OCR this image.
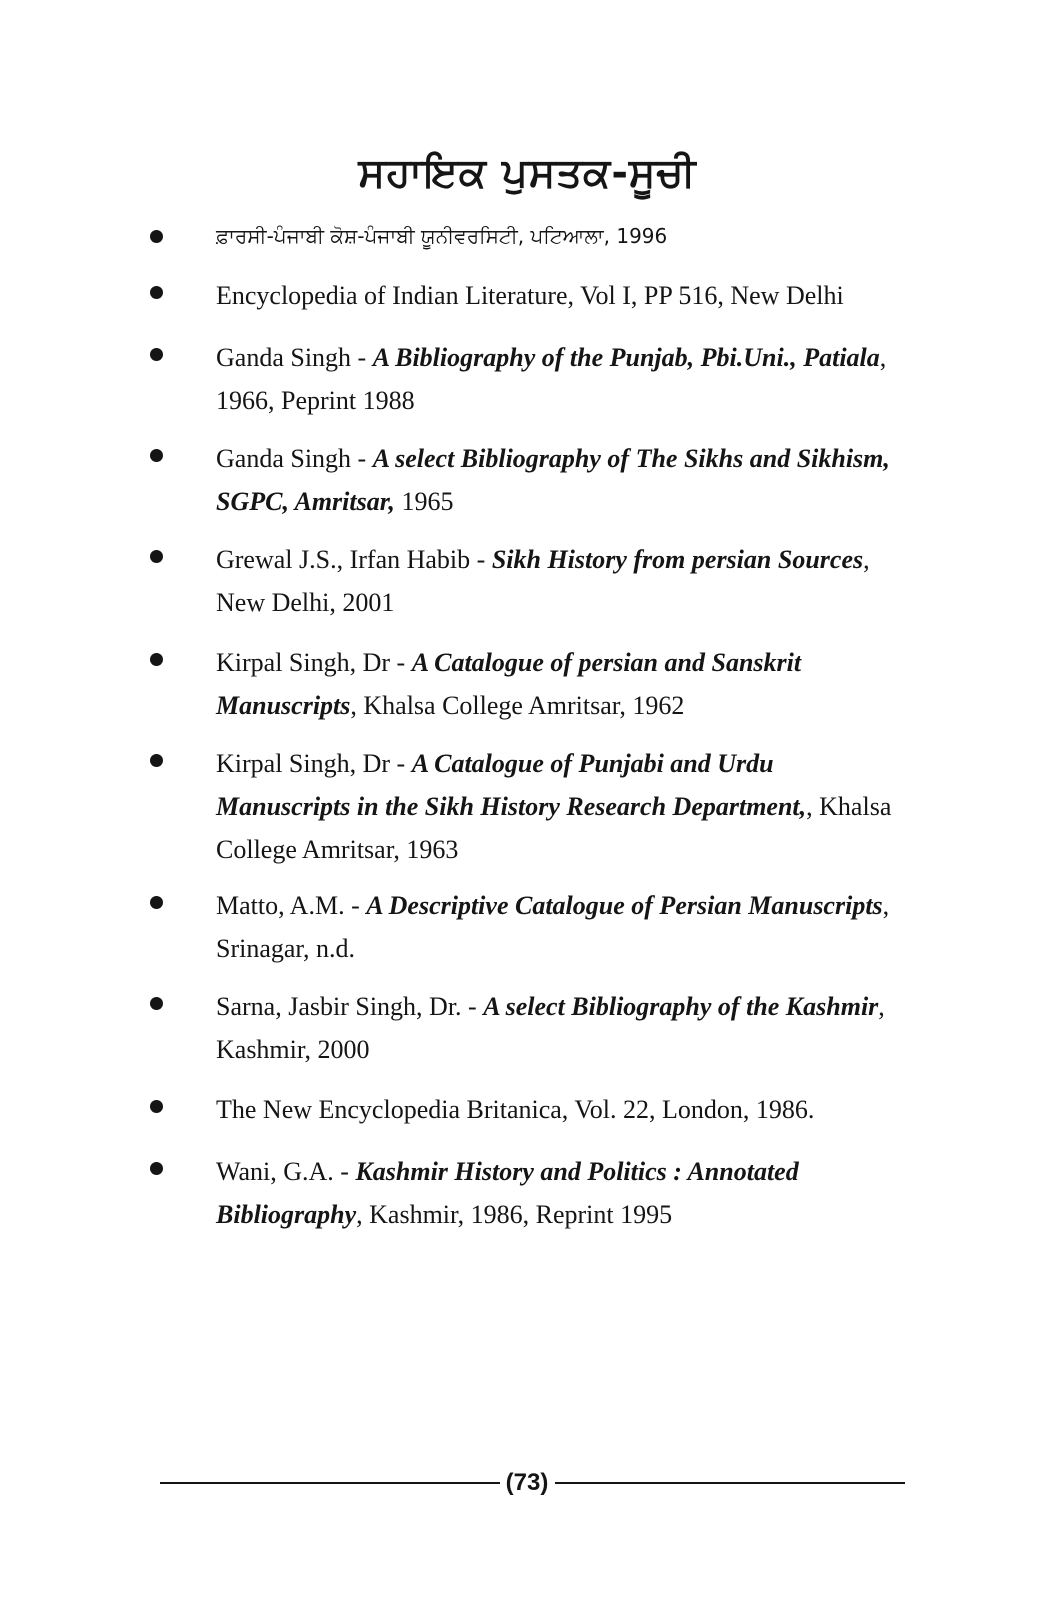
ਸਹਾਇਕ ਪੁਸਤਕ-ਸੂਚੀ
ਫ਼ਾਰਸੀ-ਪੰਜਾਬੀ ਕੋਸ਼-ਪੰਜਾਬੀ ਯੂਨੀਵਰਸਿਟੀ, ਪਟਿਆਲਾ, 1996
Encyclopedia of Indian Literature, Vol I, PP 516, New Delhi
Ganda Singh - A Bibliography of the Punjab, Pbi.Uni., Patiala, 1966, Peprint 1988
Ganda Singh - A select Bibliography of The Sikhs and Sikhism, SGPC, Amritsar, 1965
Grewal J.S., Irfan Habib - Sikh History from persian Sources, New Delhi, 2001
Kirpal Singh, Dr - A Catalogue of persian and Sanskrit Manuscripts, Khalsa College Amritsar, 1962
Kirpal Singh, Dr - A Catalogue of Punjabi and Urdu Manuscripts in the Sikh History Research Department,, Khalsa College Amritsar, 1963
Matto, A.M. - A Descriptive Catalogue of Persian Manuscripts, Srinagar, n.d.
Sarna, Jasbir Singh, Dr. - A select Bibliography of the Kashmir, Kashmir, 2000
The New Encyclopedia Britanica, Vol. 22, London, 1986.
Wani, G.A. - Kashmir History and Politics : Annotated Bibliography, Kashmir, 1986, Reprint 1995
(73)
